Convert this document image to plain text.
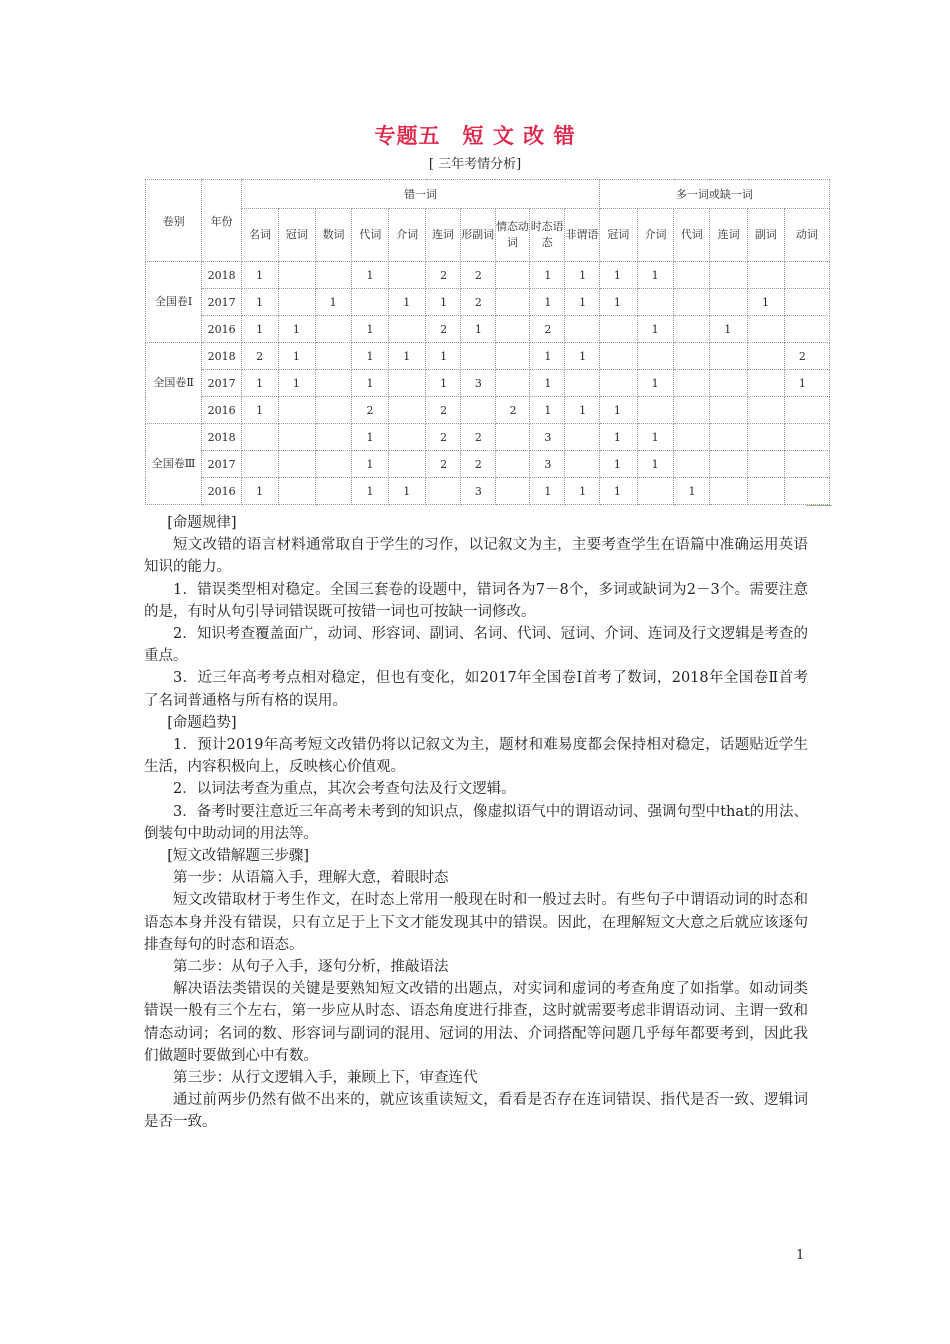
专题五　短 文 改 错
[ 三年考情分析]
卷别	年份	错一词										多一词或缺一词					
		名词	冠词	数词	代词	介词	连词	形副词	情态动词	时态语态	非谓语	冠词	介词	代词	连词	副词	动词
全国卷Ⅰ	2018	1			1		2	2		1	1	1	1				
	2017	1		1		1	1	2		1	1	1				1	
	2016	1	1		1		2	1		2			1		1		
全国卷Ⅱ	2018	2	1		1	1	1			1	1						2
	2017	1	1		1		1	3		1			1				1
	2016	1			2		2		2	1	1	1					
全国卷Ⅲ	2018				1		2	2		3		1	1				
	2017				1		2	2		3		1	1				
	2016	1			1	1		3		1	1	1		1			

[命题规律]

短文改错的语言材料通常取自于学生的习作，以记叙文为主，主要考查学生在语篇中准确运用英语知识的能力。

1．错误类型相对稳定。全国三套卷的设题中，错词各为7－8个，多词或缺词为2－3个。需要注意的是，有时从句引导词错误既可按错一词也可按缺一词修改。

2．知识考查覆盖面广，动词、形容词、副词、名词、代词、冠词、介词、连词及行文逻辑是考查的重点。

3．近三年高考考点相对稳定，但也有变化，如2017年全国卷Ⅰ首考了数词，2018年全国卷Ⅱ首考了名词普通格与所有格的误用。

[命题趋势]

1．预计2019年高考短文改错仍将以记叙文为主，题材和难易度都会保持相对稳定，话题贴近学生生活，内容积极向上，反映核心价值观。

2．以词法考查为重点，其次会考查句法及行文逻辑。

3．备考时要注意近三年高考未考到的知识点，像虚拟语气中的谓语动词、强调句型中that的用法、倒装句中助动词的用法等。

[短文改错解题三步骤]

第一步：从语篇入手，理解大意，着眼时态

短文改错取材于考生作文，在时态上常用一般现在时和一般过去时。有些句子中谓语动词的时态和语态本身并没有错误，只有立足于上下文才能发现其中的错误。因此，在理解短文大意之后就应该逐句排查每句的时态和语态。

第二步：从句子入手，逐句分析，推敲语法

解决语法类错误的关键是要熟知短文改错的出题点，对实词和虚词的考查角度了如指掌。如动词类错误一般有三个左右，第一步应从时态、语态角度进行排查，这时就需要考虑非谓语动词、主谓一致和情态动词；名词的数、形容词与副词的混用、冠词的用法、介词搭配等问题几乎每年都要考到，因此我们做题时要做到心中有数。

第三步：从行文逻辑入手，兼顾上下，审查连代

通过前两步仍然有做不出来的，就应该重读短文，看看是否存在连词错误、指代是否一致、逻辑词是否一致。

1
